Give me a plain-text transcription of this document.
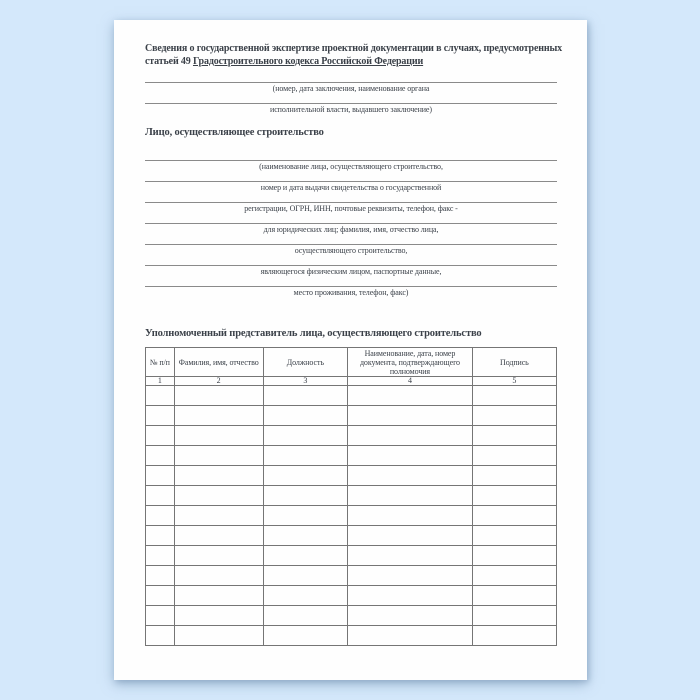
Сведения о государственной экспертизе проектной документации в случаях, предусмотренных
статьей 49 Градостроительного кодекса Российской Федерации

(номер, дата заключения, наименование органа
исполнительной власти, выдавшего заключение)
Лицо, осуществляющее строительство
(наименование лица, осуществляющего строительство,
номер и дата выдачи свидетельства о государственной
регистрации, ОГРН, ИНН, почтовые реквизиты, телефон, факс -
для юридических лиц; фамилия, имя, отчество лица,
осуществляющего строительство,
являющегося физическим лицом, паспортные данные,
место проживания, телефон, факс)
Уполномоченный представитель лица, осуществляющего строительство
№ п/п	Фамилия, имя, отчество	Должность	Наименование, дата, номер документа, подтверждающего полномочия	Подпись
1	2	3	4	5
